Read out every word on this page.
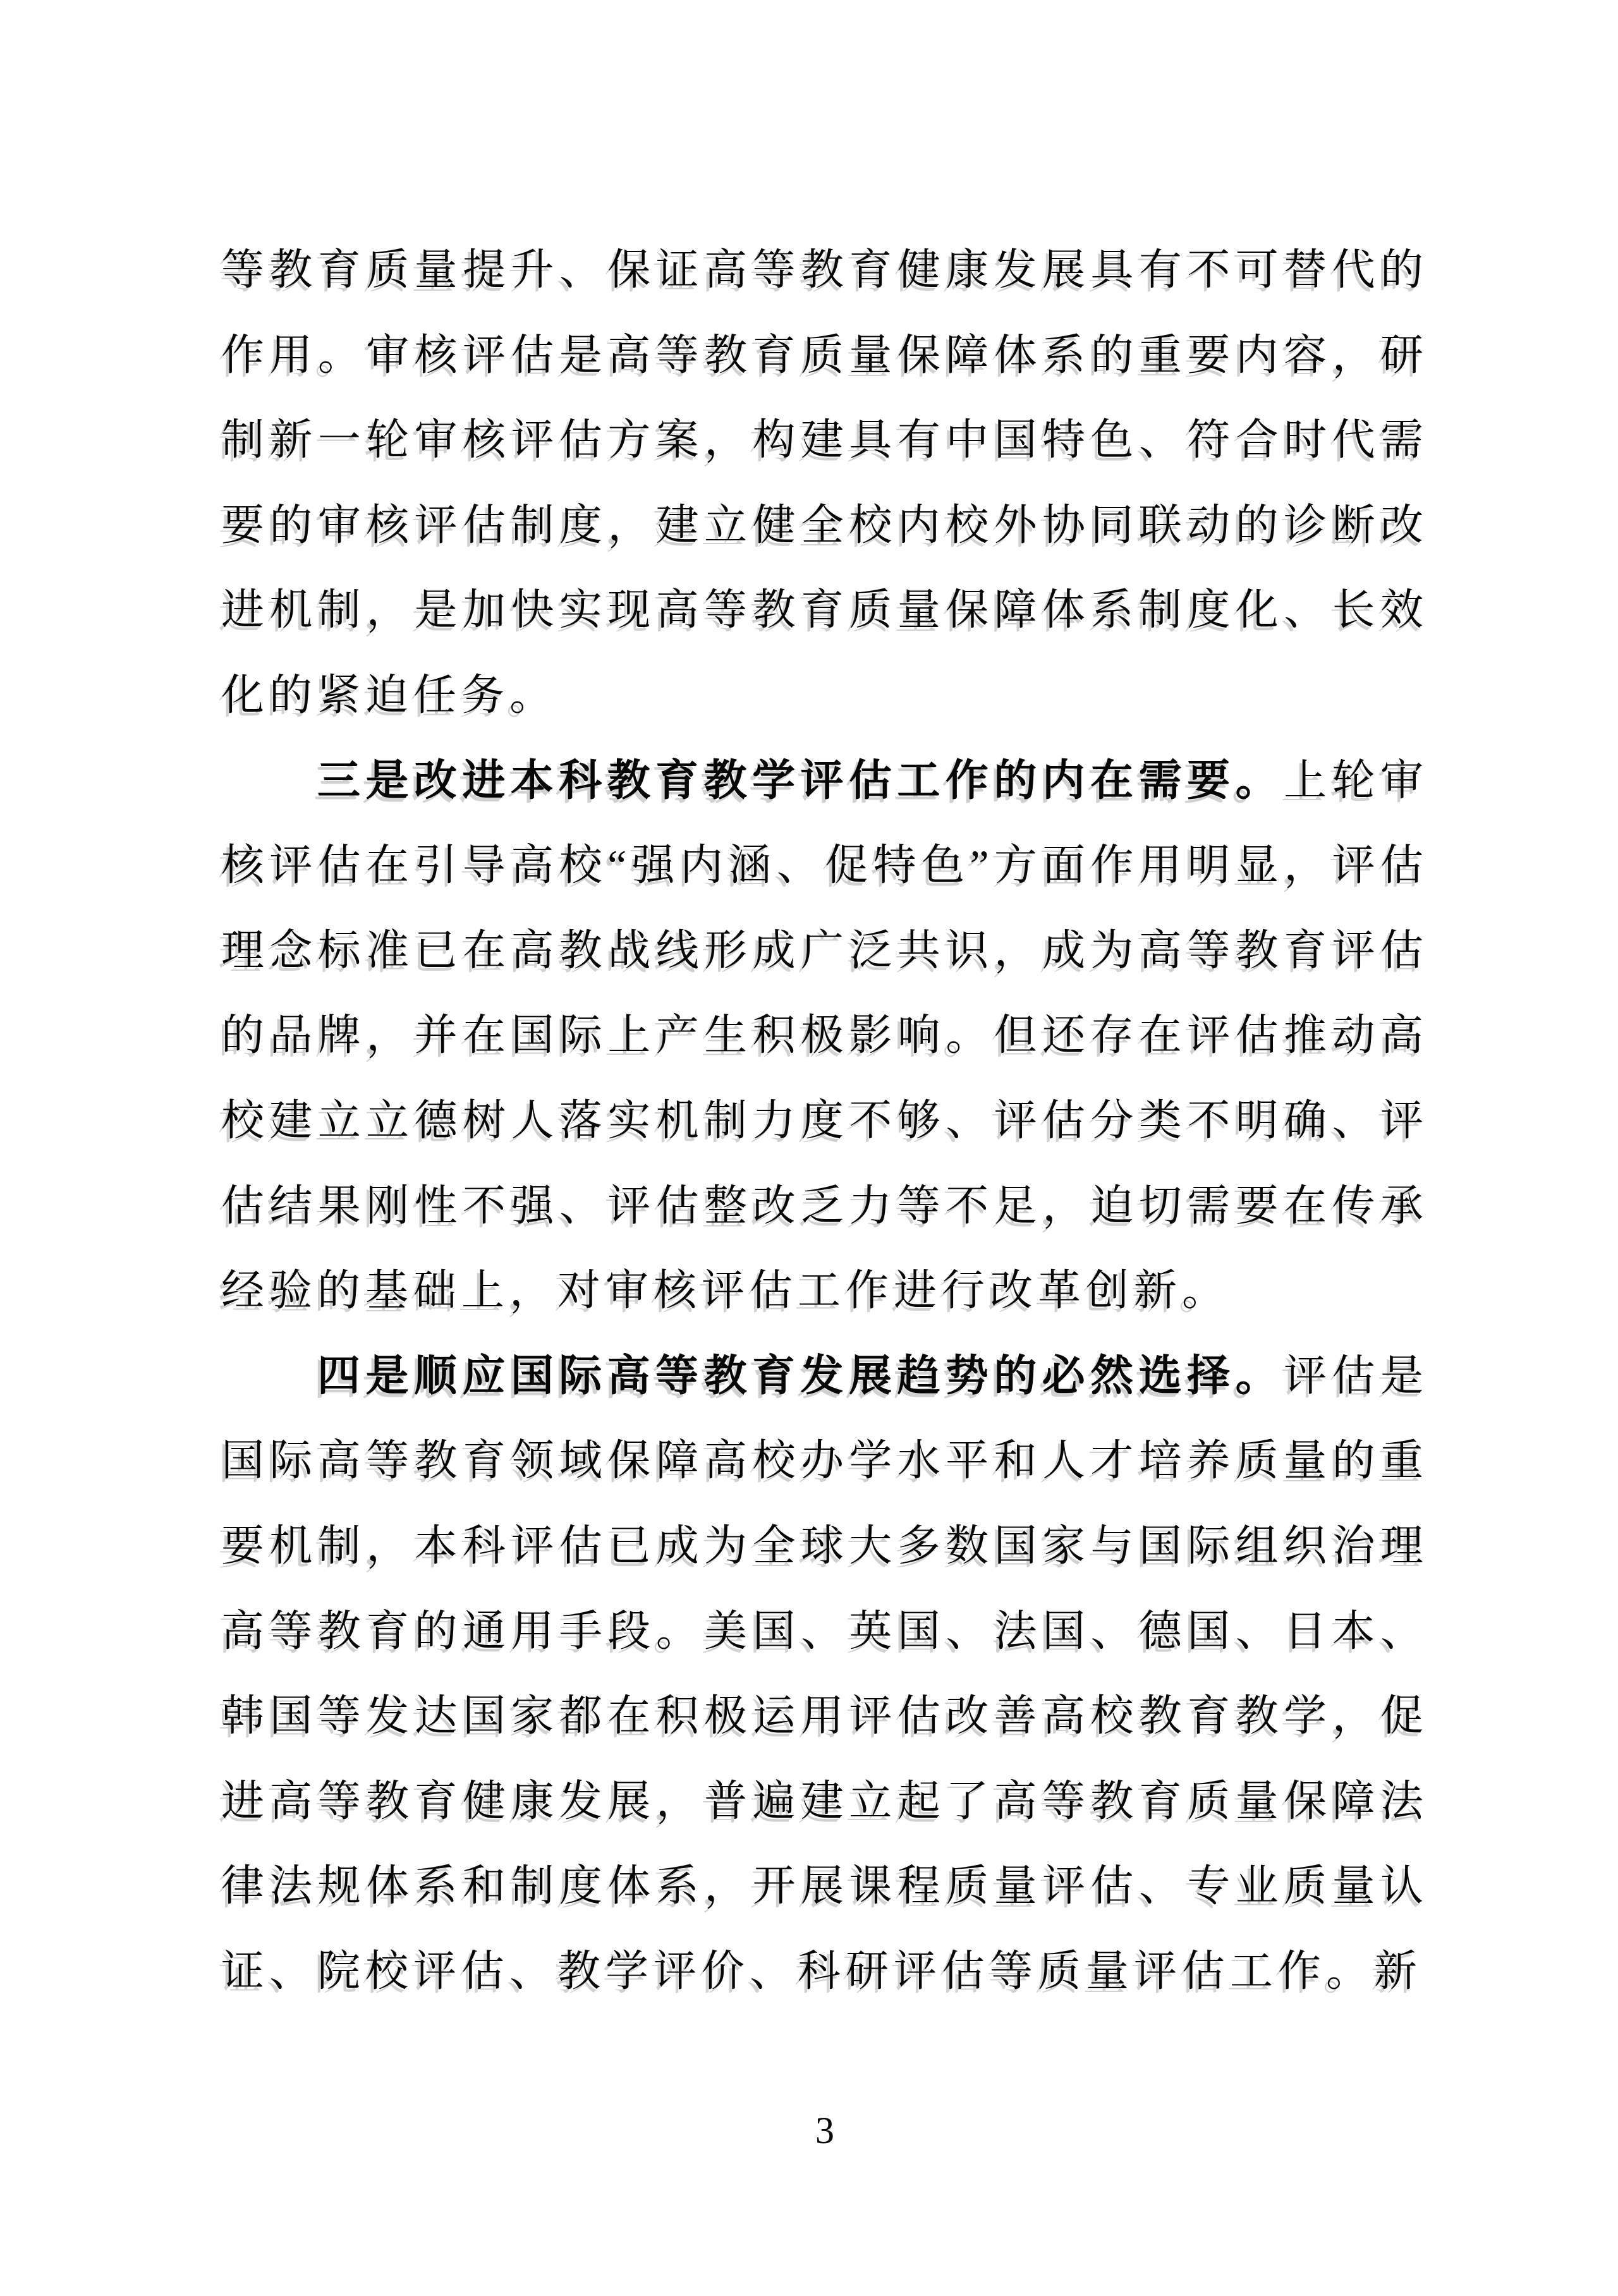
等教育质量提升、保证高等教育健康发展具有不可替代的作用。审核评估是高等教育质量保障体系的重要内容，研制新一轮审核评估方案，构建具有中国特色、符合时代需要的审核评估制度，建立健全校内校外协同联动的诊断改进机制，是加快实现高等教育质量保障体系制度化、长效化的紧迫任务。

三是改进本科教育教学评估工作的内在需要。上轮审核评估在引导高校“强内涵、促特色”方面作用明显，评估理念标准已在高教战线形成广泛共识，成为高等教育评估的品牌，并在国际上产生积极影响。但还存在评估推动高校建立立德树人落实机制力度不够、评估分类不明确、评估结果刚性不强、评估整改乏力等不足，迫切需要在传承经验的基础上，对审核评估工作进行改革创新。

四是顺应国际高等教育发展趋势的必然选择。评估是国际高等教育领域保障高校办学水平和人才培养质量的重要机制，本科评估已成为全球大多数国家与国际组织治理高等教育的通用手段。美国、英国、法国、德国、日本、韩国等发达国家都在积极运用评估改善高校教育教学，促进高等教育健康发展，普遍建立起了高等教育质量保障法律法规体系和制度体系，开展课程质量评估、专业质量认证、院校评估、教学评价、科研评估等质量评估工作。新

3
